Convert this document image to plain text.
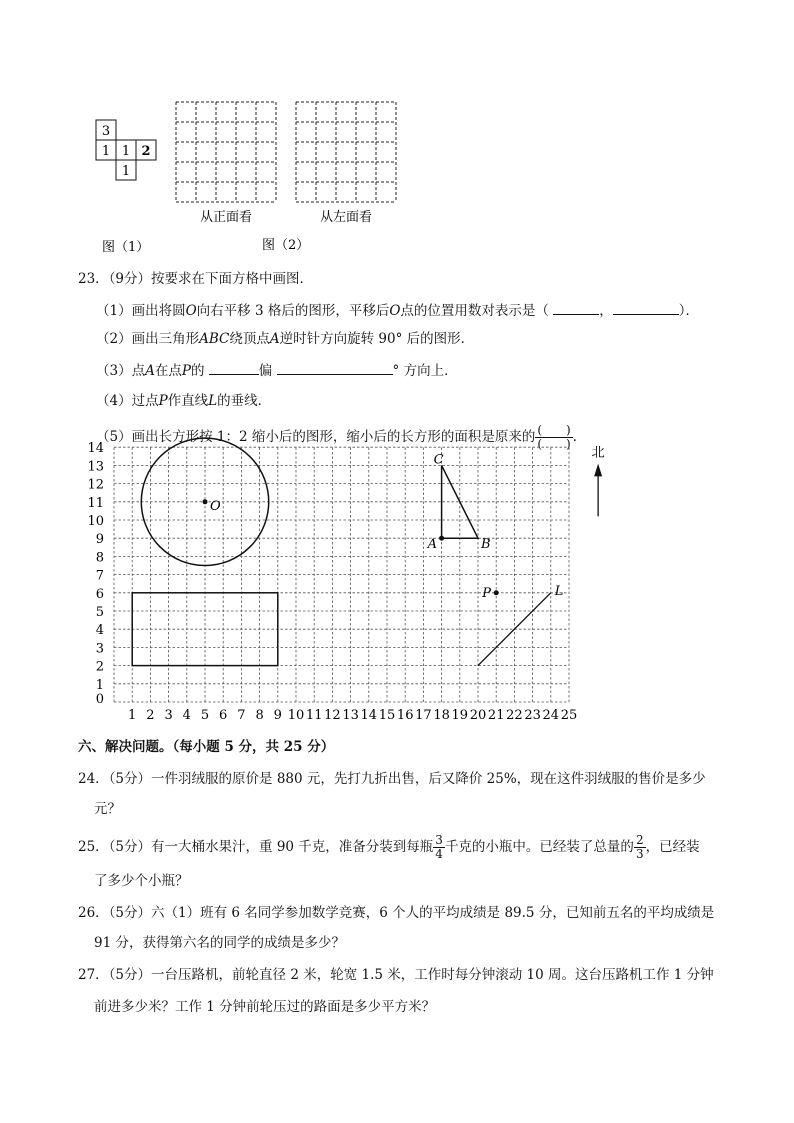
3
1 1 2
1
从正面看	从左面看
图（1）	图（2）
23．（9分）按要求在下面方格中画图．
（1）画出将圆O向右平移 3 格后的图形，平移后O点的位置用数对表示是（	，	）．
（2）画出三角形ABC绕顶点A逆时针方向旋转 90° 后的图形．
（3）点A在点P的	偏	° 方向上．
（4）过点P作直线L的垂线．
（5）画出长方形按 1：2 缩小后的图形，缩小后的长方形的面积是原来的 $\frac{( )}{( )}$ ．
1 2 3 4 5 6 7 8 9 10 11 12 13 14 15 16 17 18 19 20 21 22 23 24 25
0
1
2
3
4
5
6
7
8
9
10
11
12
13
14
O
A	B
C
P	L
北
六、解决问题。（每小题 5 分，共 25 分）
24．（5分）一件羽绒服的原价是 880 元，先打九折出售，后又降价 25%，现在这件羽绒服的售价是多少
元？
25．（5分）有一大桶水果汁，重 90 千克，准备分装到每瓶 $\frac{3}{4}$ 千克的小瓶中。已经装了总量的 $\frac{2}{3}$ ，已经装
了多少个小瓶？
26．（5分）六（1）班有 6 名同学参加数学竞赛，6 个人的平均成绩是 89.5 分，已知前五名的平均成绩是
91 分，获得第六名的同学的成绩是多少？
27．（5分）一台压路机，前轮直径 2 米，轮宽 1.5 米，工作时每分钟滚动 10 周。这台压路机工作 1 分钟
前进多少米？工作 1 分钟前轮压过的路面是多少平方米？
